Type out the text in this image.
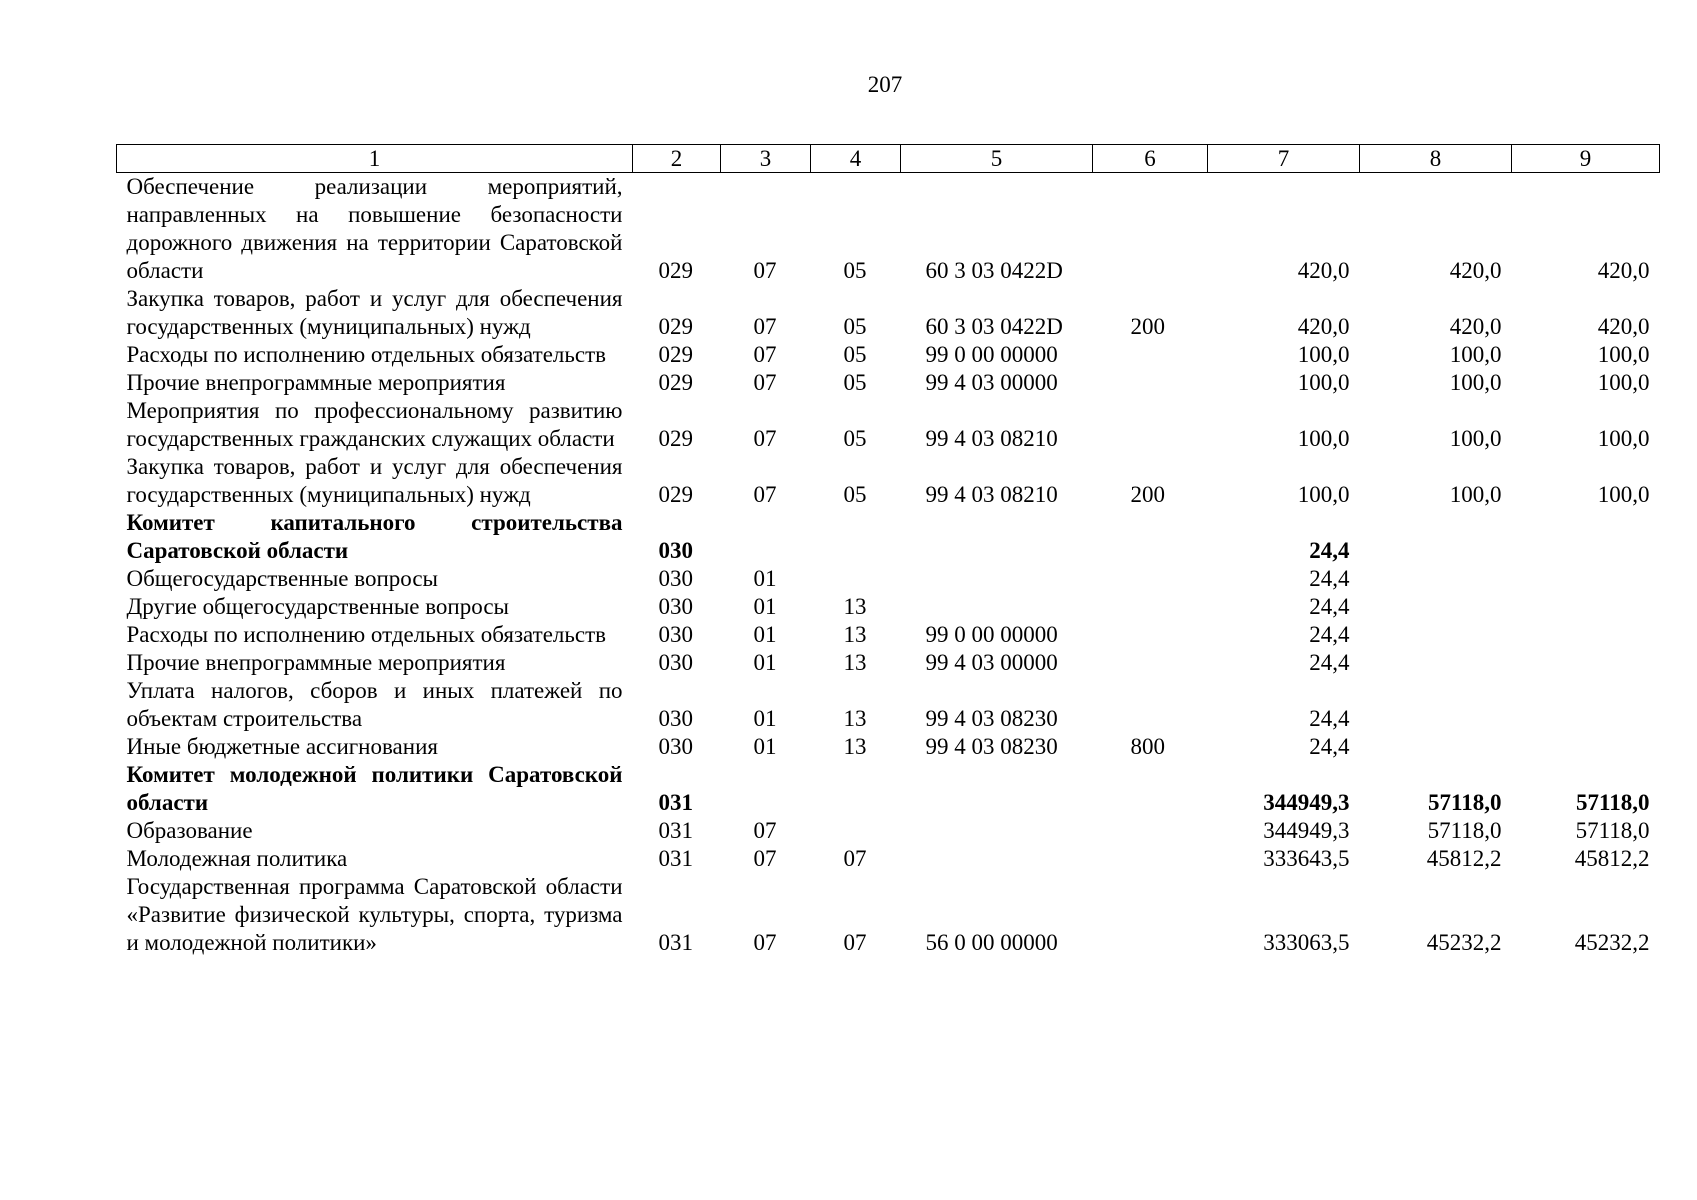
207
1	2	3	4	5	6	7	8	9
Обеспечение реализации мероприятий, направленных на повышение безопасности дорожного движения на территории Саратовской области	029	07	05	60 3 03 0422D		420,0	420,0	420,0
Закупка товаров, работ и услуг для обеспечения государственных (муниципальных) нужд	029	07	05	60 3 03 0422D	200	420,0	420,0	420,0
Расходы по исполнению отдельных обязательств	029	07	05	99 0 00 00000		100,0	100,0	100,0
Прочие внепрограммные мероприятия	029	07	05	99 4 03 00000		100,0	100,0	100,0
Мероприятия по профессиональному развитию государственных гражданских служащих области	029	07	05	99 4 03 08210		100,0	100,0	100,0
Закупка товаров, работ и услуг для обеспечения государственных (муниципальных) нужд	029	07	05	99 4 03 08210	200	100,0	100,0	100,0
Комитет капитального строительства Саратовской области	030					24,4		
Общегосударственные вопросы	030	01				24,4		
Другие общегосударственные вопросы	030	01	13			24,4		
Расходы по исполнению отдельных обязательств	030	01	13	99 0 00 00000		24,4		
Прочие внепрограммные мероприятия	030	01	13	99 4 03 00000		24,4		
Уплата налогов, сборов и иных платежей по объектам строительства	030	01	13	99 4 03 08230		24,4		
Иные бюджетные ассигнования	030	01	13	99 4 03 08230	800	24,4		
Комитет молодежной политики Саратовской области	031					344949,3	57118,0	57118,0
Образование	031	07				344949,3	57118,0	57118,0
Молодежная политика	031	07	07			333643,5	45812,2	45812,2
Государственная программа Саратовской области «Развитие физической культуры, спорта, туризма и молодежной политики»	031	07	07	56 0 00 00000		333063,5	45232,2	45232,2
